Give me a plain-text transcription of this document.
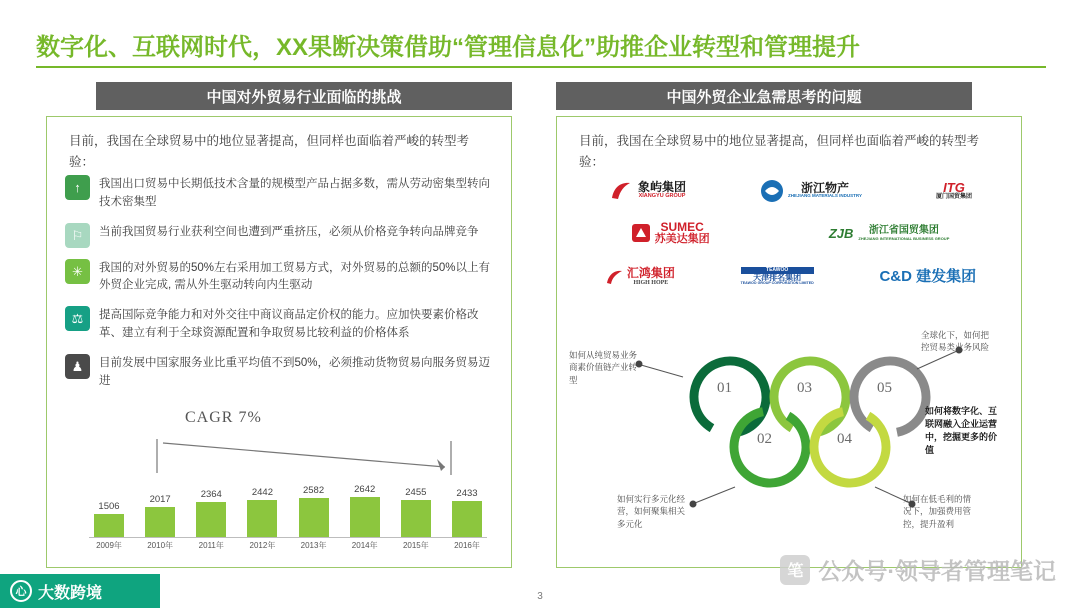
数字化、互联网时代，XX果断决策借助“管理信息化”助推企业转型和管理提升
中国对外贸易行业面临的挑战	中国外贸企业急需思考的问题
目前，我国在全球贸易中的地位显著提高，但同样也面临着严峻的转型考验：
↑	我国出口贸易中长期低技术含量的规模型产品占据多数，需从劳动密集型转向技术密集型
⚐	当前我国贸易行业获利空间也遭到严重挤压，必须从价格竞争转向品牌竞争
✳	我国的对外贸易的50%左右采用加工贸易方式，对外贸易的总额的50%以上有外贸企业完成, 需从外生驱动转向内生驱动
⚖	提高国际竞争能力和对外交往中商议商品定价权的能力。应加快要素价格改革、建立有利于全球资源配置和争取贸易比较利益的价格体系
♟	目前发展中国家服务业比重平均值不到50%，必须推动货物贸易向服务贸易迈进
CAGR 7%
1506
2017	2364	2442	2582	2642	2455	2433
2009年	2010年	2011年	2012年	2013年	2014年	2015年	2016年
目前，我国在全球贸易中的地位显著提高，但同样也面临着严峻的转型考验：
象屿集团
XIANGYU GROUP
浙江物产
ZHEJIANG MATERIALS INDUSTRY
ITG
厦门国贸集团
SUMEC
苏美达集团	ZJB	浙江省国贸集团
ZHEJIANG INTERNATIONAL BUSINESS GROUP
汇鸿集团
HIGH HOPE
TEAWOO
天津排名集团
TEAWOO GROUP CORPORATION LIMITED	C&D 建发集团
01	03	05
02	04
如何从纯贸易业务商素价值链产业转型
如何实行多元化经营，如何聚集相关多元化
全球化下，如何把控贸易类业务风险
如何在低毛利的情况下，加强费用管控，提升盈利
如何将数字化、互联网融入企业运营中，挖掘更多的价值
3
笔 公众号·领导者管理笔记
心 大数跨境
